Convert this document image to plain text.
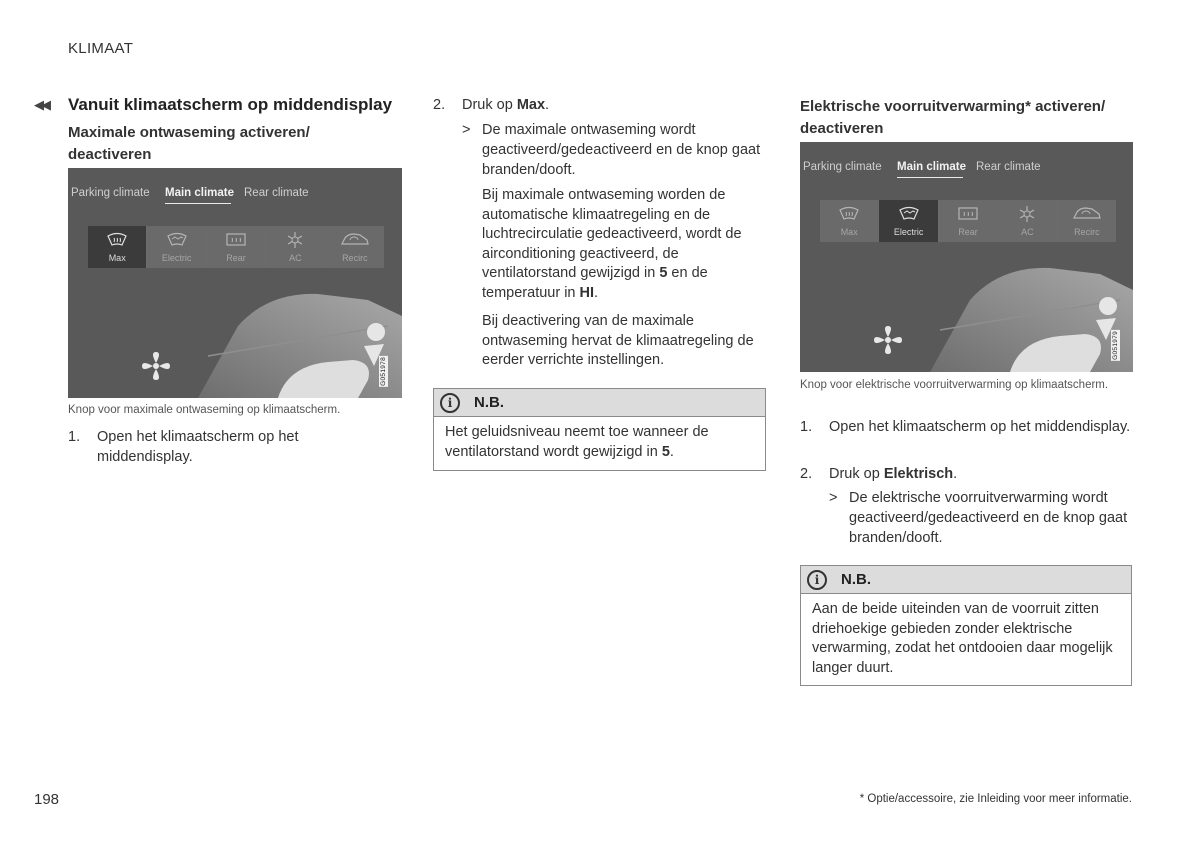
KLIMAAT
◀◀
198	* Optie/accessoire, zie Inleiding voor meer informatie.
Vanuit klimaatscherm op middendisplay
Maximale ontwaseming activeren/ deactiveren
Parking climate Main climate Rear climate
Max	Electric	Rear	AC	Recirc
G051978
Knop voor maximale ontwaseming op klimaatscherm.
1. Open het klimaatscherm op het middendisplay.
2. Druk op Max.
> De maximale ontwaseming wordt geactiveerd/gedeactiveerd en de knop gaat branden/dooft.
Bij maximale ontwaseming worden de automatische klimaatregeling en de luchtrecirculatie gedeactiveerd, wordt de airconditioning geactiveerd, de ventilatorstand gewijzigd in 5 en de temperatuur in HI.
Bij deactivering van de maximale ontwaseming hervat de klimaatregeling de eerder verrichte instellingen.
i	N.B.
Het geluidsniveau neemt toe wanneer de ventilatorstand wordt gewijzigd in 5.
Elektrische voorruitverwarming* activeren/ deactiveren
Parking climate Main climate Rear climate
Max	Electric	Rear	AC	Recirc
G051979
Knop voor elektrische voorruitverwarming op klimaatscherm.
1. Open het klimaatscherm op het middendisplay.
2. Druk op Elektrisch.
> De elektrische voorruitverwarming wordt geactiveerd/gedeactiveerd en de knop gaat branden/dooft.
i	N.B.
Aan de beide uiteinden van de voorruit zitten driehoekige gebieden zonder elektrische verwarming, zodat het ontdooien daar mogelijk langer duurt.
